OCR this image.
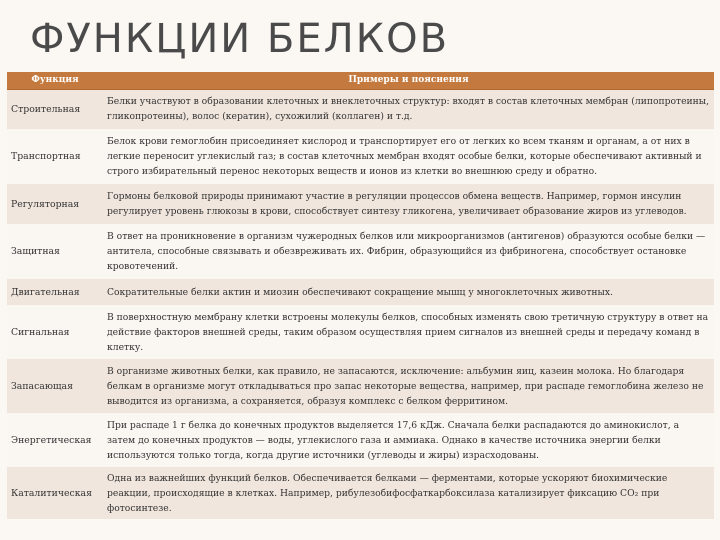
ФУНКЦИИ БЕЛКОВ
Функция	Примеры и пояснения
Строительная	Белки участвуют в образовании клеточных и внеклеточных структур: входят в состав клеточных мембран (липопротеины, гликопротеины), волос (кератин), сухожилий (коллаген) и т.д.
Транспортная	Белок крови гемоглобин присоединяет кислород и транспортирует его от легких ко всем тканям и органам, а от них в легкие переносит углекислый газ; в состав клеточных мембран входят особые белки, которые обеспечивают активный и строго избирательный перенос некоторых веществ и ионов из клетки во внешнюю среду и обратно.
Регуляторная	Гормоны белковой природы принимают участие в регуляции процессов обмена веществ. Например, гормон инсулин регулирует уровень глюкозы в крови, способствует синтезу гликогена, увеличивает образование жиров из углеводов.
Защитная	В ответ на проникновение в организм чужеродных белков или микроорганизмов (антигенов) образуются особые белки — антитела, способные связывать и обезвреживать их. Фибрин, образующийся из фибриногена, способствует остановке кровотечений.
Двигательная	Сократительные белки актин и миозин обеспечивают сокращение мышц у многоклеточных животных.
Сигнальная	В поверхностную мембрану клетки встроены молекулы белков, способных изменять свою третичную структуру в ответ на действие факторов внешней среды, таким образом осуществляя прием сигналов из внешней среды и передачу команд в клетку.
Запасающая	В организме животных белки, как правило, не запасаются, исключение: альбумин яиц, казеин молока. Но благодаря белкам в организме могут откладываться про запас некоторые вещества, например, при распаде гемоглобина железо не выводится из организма, а сохраняется, образуя комплекс с белком ферритином.
Энергетическая	При распаде 1 г белка до конечных продуктов выделяется 17,6 кДж. Сначала белки распадаются до аминокислот, а затем до конечных продуктов — воды, углекислого газа и аммиака. Однако в качестве источника энергии белки используются только тогда, когда другие источники (углеводы и жиры) израсходованы.
Каталитическая	Одна из важнейших функций белков. Обеспечивается белками — ферментами, которые ускоряют биохимические реакции, происходящие в клетках. Например, рибулезобифосфаткарбоксилаза катализирует фиксацию СО₂ при фотосинтезе.
